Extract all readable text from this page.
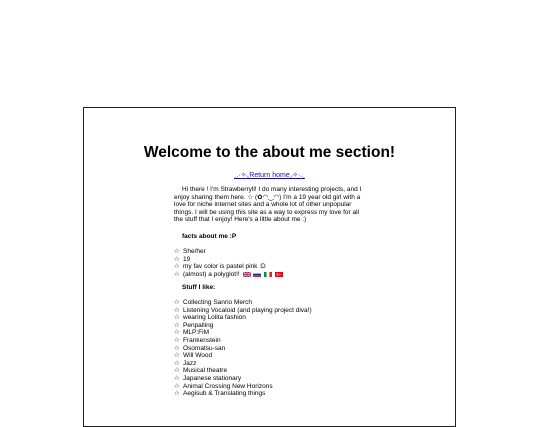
Welcome to the about me section!
¸.·✧◟Return home◞✧·.¸

Hi there ! I'm Strawberryll! I do many interesting projects, and I enjoy sharing them here. ☆ (✿◠‿◠) I'm a 19 year old girl with a love for niche internet sites and a whole lot of other unpopular things. I will be using this site as a way to express my love for all the stuff that I enjoy! Here's a little about me :)

facts about me :P

☆ She/her
☆ 19
☆ my fav color is pastel pink :D
☆ (almost) a polyglot!!

Stuff I like:

☆ Collecting Sanrio Merch
☆ Listening Vocaloid (and playing project diva!)
☆ wearing Lolita fashion
☆ Penpalling
☆ MLP:FiM
☆ Frankenstein
☆ Osomatsu-san
☆ Will Wood
☆ Jazz
☆ Musical theatre
☆ Japanese stationary
☆ Animal Crossing New Horizons
☆ Aegisub & Translating things
